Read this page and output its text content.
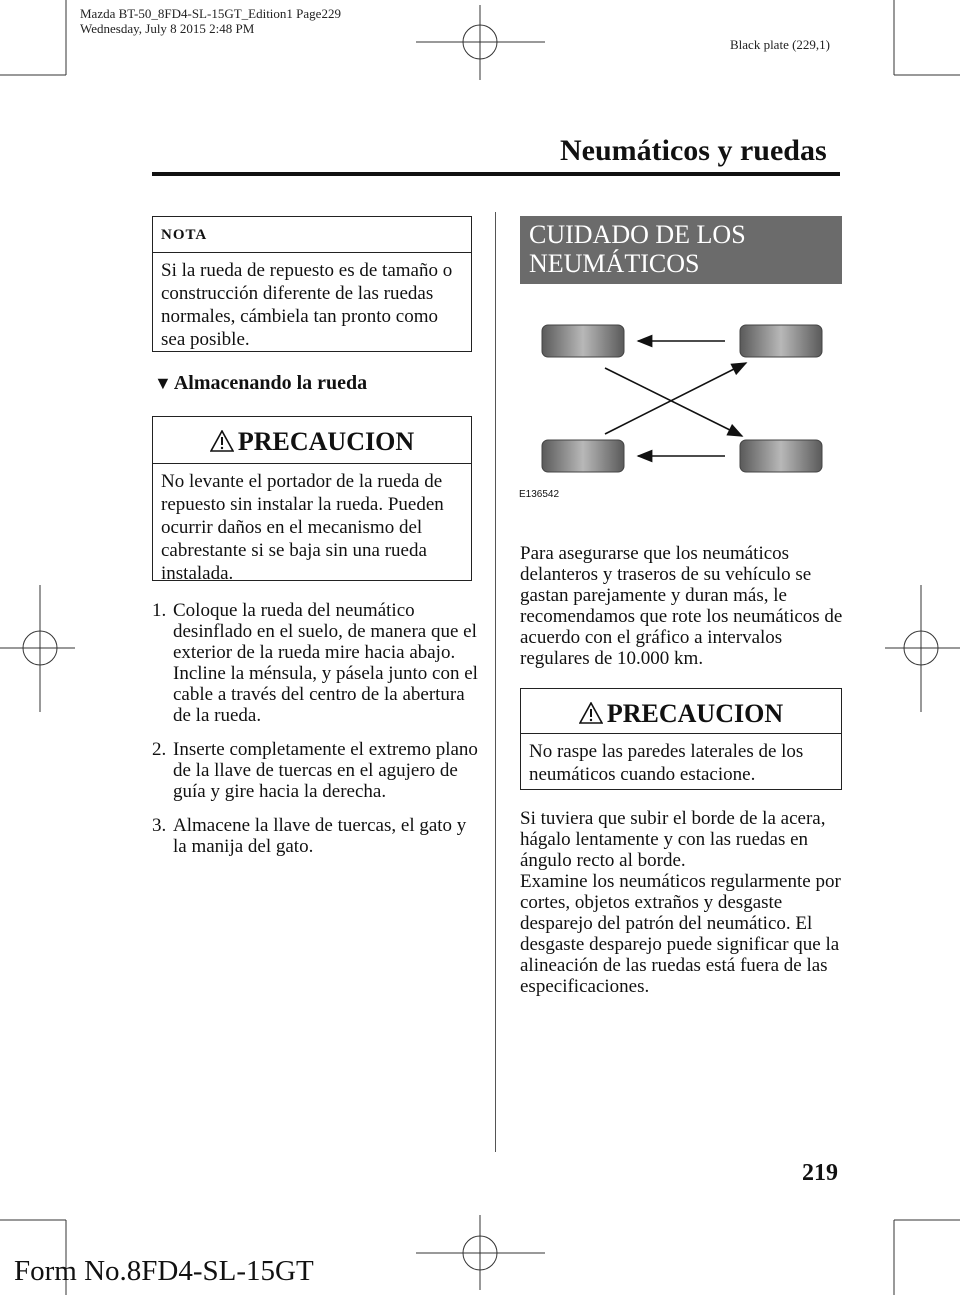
Mazda BT-50_8FD4-SL-15GT_Edition1 Page229
Wednesday, July 8 2015 2:48 PM
Black plate (229,1)
Neumáticos y ruedas
NOTA
Si la rueda de repuesto es de tamaño o construcción diferente de las ruedas normales, cámbiela tan pronto como sea posible.
▼ Almacenando la rueda
PRECAUCION
No levante el portador de la rueda de repuesto sin instalar la rueda. Pueden ocurrir daños en el mecanismo del cabrestante si se baja sin una rueda instalada.
1. Coloque la rueda del neumático desinflado en el suelo, de manera que el exterior de la rueda mire hacia abajo. Incline la ménsula, y pásela junto con el cable a través del centro de la abertura de la rueda.
2. Inserte completamente el extremo plano de la llave de tuercas en el agujero de guía y gire hacia la derecha.
3. Almacene la llave de tuercas, el gato y la manija del gato.
CUIDADO DE LOS
NEUMÁTICOS
E136542
Para asegurarse que los neumáticos delanteros y traseros de su vehículo se gastan parejamente y duran más, le recomendamos que rote los neumáticos de acuerdo con el gráfico a intervalos regulares de 10.000 km.
PRECAUCION
No raspe las paredes laterales de los neumáticos cuando estacione.
Si tuviera que subir el borde de la acera, hágalo lentamente y con las ruedas en ángulo recto al borde.
Examine los neumáticos regularmente por cortes, objetos extraños y desgaste desparejo del patrón del neumático. El desgaste desparejo puede significar que la alineación de las ruedas está fuera de las especificaciones.
219
Form No.8FD4-SL-15GT
